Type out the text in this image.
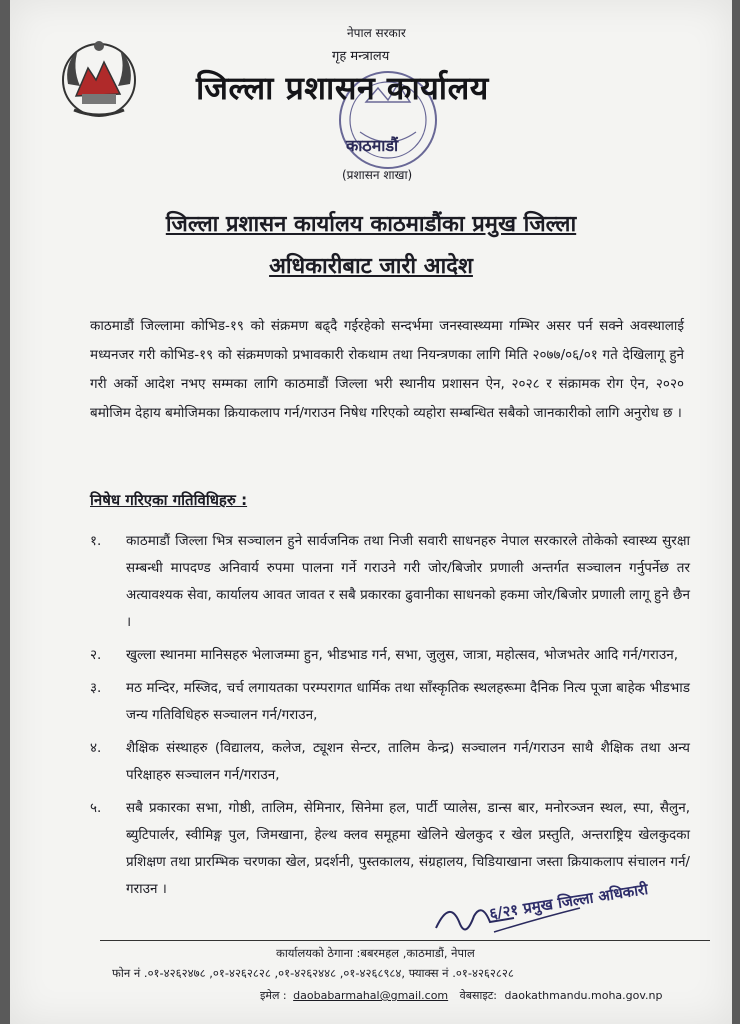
नेपाल सरकार
गृह मन्त्रालय
जिल्ला प्रशासन कार्यालय
काठमाडौं
(प्रशासन शाखा)
जिल्ला प्रशासन कार्यालय काठमाडौंका प्रमुख जिल्ला
अधिकारीबाट जारी आदेश
काठमाडौं जिल्लामा कोभिड-१९ को संक्रमण बढ्दै गईरहेको सन्दर्भमा जनस्वास्थ्यमा गम्भिर असर पर्न सक्ने अवस्थालाई मध्यनजर गरी कोभिड-१९ को संक्रमणको प्रभावकारी रोकथाम तथा नियन्त्रणका लागि मिति २०७७/०६/०१ गते देखिलागू हुने गरी अर्को आदेश नभए सम्मका लागि काठमाडौं जिल्ला भरी स्थानीय प्रशासन ऐन, २०२८ र संक्रामक रोग ऐन, २०२० बमोजिम देहाय बमोजिमका क्रियाकलाप गर्न/गराउन निषेध गरिएको व्यहोरा सम्बन्धित सबैको जानकारीको लागि अनुरोध छ ।
निषेध गरिएका गतिविधिहरु :
१.	काठमाडौं जिल्ला भित्र सञ्चालन हुने सार्वजनिक तथा निजी सवारी साधनहरु नेपाल सरकारले तोकेको स्वास्थ्य सुरक्षा सम्बन्धी मापदण्ड अनिवार्य रुपमा पालना गर्ने गराउने गरी जोर/बिजोर प्रणाली अन्तर्गत सञ्चालन गर्नुपर्नेछ तर अत्यावश्यक सेवा, कार्यालय आवत जावत र सबै प्रकारका ढुवानीका साधनको हकमा जोर/बिजोर प्रणाली लागू हुने छैन ।
२.	खुल्ला स्थानमा मानिसहरु भेलाजम्मा हुन, भीडभाड गर्न, सभा, जुलुस, जात्रा, महोत्सव, भोजभतेर आदि गर्न/गराउन,
३.	मठ मन्दिर, मस्जिद, चर्च लगायतका परम्परागत धार्मिक तथा साँस्कृतिक स्थलहरूमा दैनिक नित्य पूजा बाहेक भीडभाड जन्य गतिविधिहरु सञ्चालन गर्न/गराउन,
४.	शैक्षिक संस्थाहरु (विद्यालय, कलेज, ट्यूशन सेन्टर, तालिम केन्द्र) सञ्चालन गर्न/गराउन साथै शैक्षिक तथा अन्य परिक्षाहरु सञ्चालन गर्न/गराउन,
५.	सबै प्रकारका सभा, गोष्ठी, तालिम, सेमिनार, सिनेमा हल, पार्टी प्यालेस, डान्स बार, मनोरञ्जन स्थल, स्पा, सैलुन, ब्युटिपार्लर, स्वीमिङ्ग पुल, जिमखाना, हेल्थ क्लव समूहमा खेलिने खेलकुद र खेल प्रस्तुति, अन्तराष्ट्रिय खेलकुदका प्रशिक्षण तथा प्रारम्भिक चरणका खेल, प्रदर्शनी, पुस्तकालय, संग्रहालय, चिडियाखाना जस्ता क्रियाकलाप संचालन गर्न/गराउन ।
६/२१ प्रमुख जिल्ला अधिकारी
कार्यालयको ठेगाना :बबरमहल ,काठमाडौं, नेपाल
फोन नं .०१-४२६२४७८ ,०१-४२६२८२८ ,०१-४२६२४४८ ,०१-४२६८९८४, फ्याक्स नं .०१-४२६२८२८
इमेल : daobabarmahal@gmail.com वेबसाइट: daokathmandu.moha.gov.np
